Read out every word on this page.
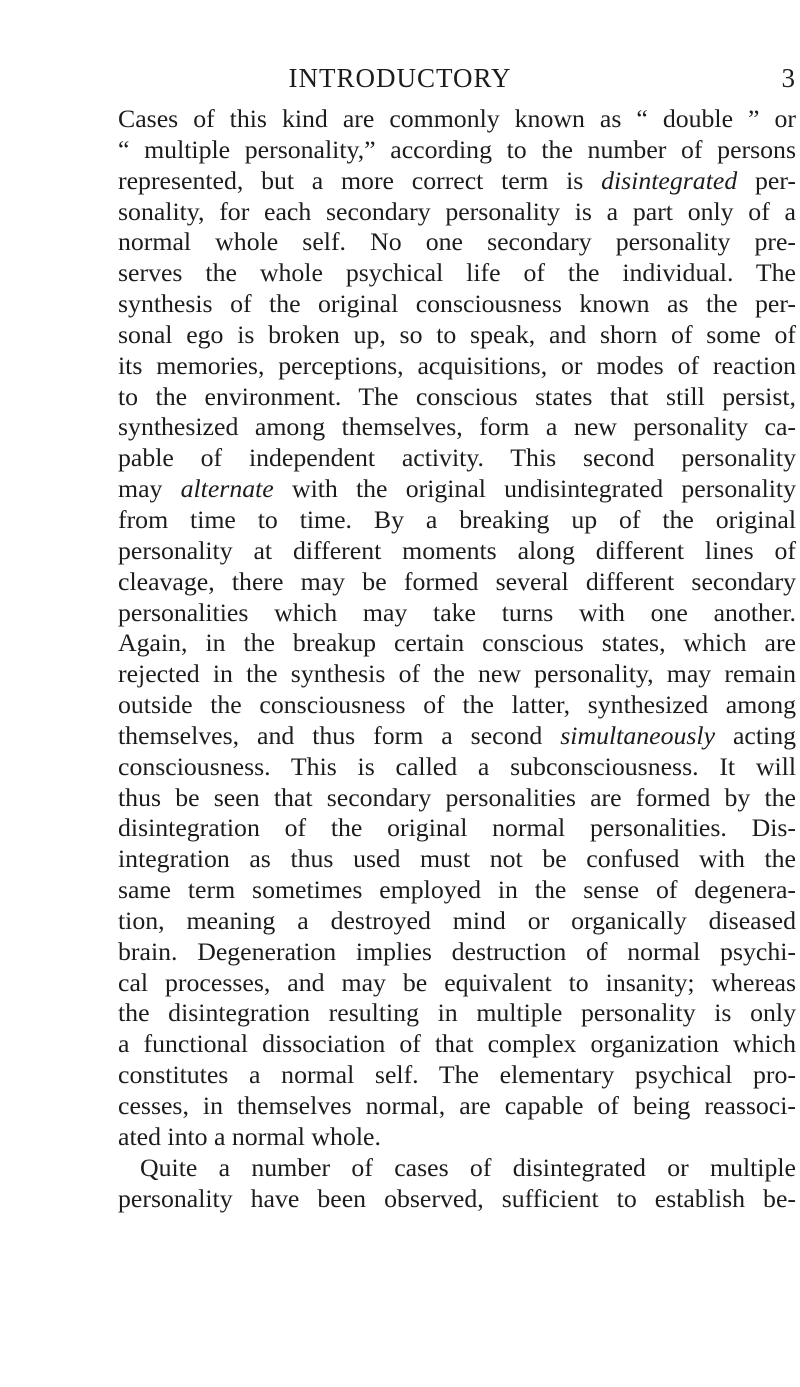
INTRODUCTORY	3
Cases of this kind are commonly known as “ double ” or
“ multiple personality,” according to the number of persons
represented, but a more correct term is disintegrated per-
sonality, for each secondary personality is a part only of a
normal whole self. No one secondary personality pre-
serves the whole psychical life of the individual. The
synthesis of the original consciousness known as the per-
sonal ego is broken up, so to speak, and shorn of some of
its memories, perceptions, acquisitions, or modes of reaction
to the environment. The conscious states that still persist,
synthesized among themselves, form a new personality ca-
pable of independent activity. This second personality
may alternate with the original undisintegrated personality
from time to time. By a breaking up of the original
personality at different moments along different lines of
cleavage, there may be formed several different secondary
personalities which may take turns with one another.
Again, in the breakup certain conscious states, which are
rejected in the synthesis of the new personality, may remain
outside the consciousness of the latter, synthesized among
themselves, and thus form a second simultaneously acting
consciousness. This is called a subconsciousness. It will
thus be seen that secondary personalities are formed by the
disintegration of the original normal personalities. Dis-
integration as thus used must not be confused with the
same term sometimes employed in the sense of degenera-
tion, meaning a destroyed mind or organically diseased
brain. Degeneration implies destruction of normal psychi-
cal processes, and may be equivalent to insanity; whereas
the disintegration resulting in multiple personality is only
a functional dissociation of that complex organization which
constitutes a normal self. The elementary psychical pro-
cesses, in themselves normal, are capable of being reassoci-
ated into a normal whole.
Quite a number of cases of disintegrated or multiple
personality have been observed, sufficient to establish be-
